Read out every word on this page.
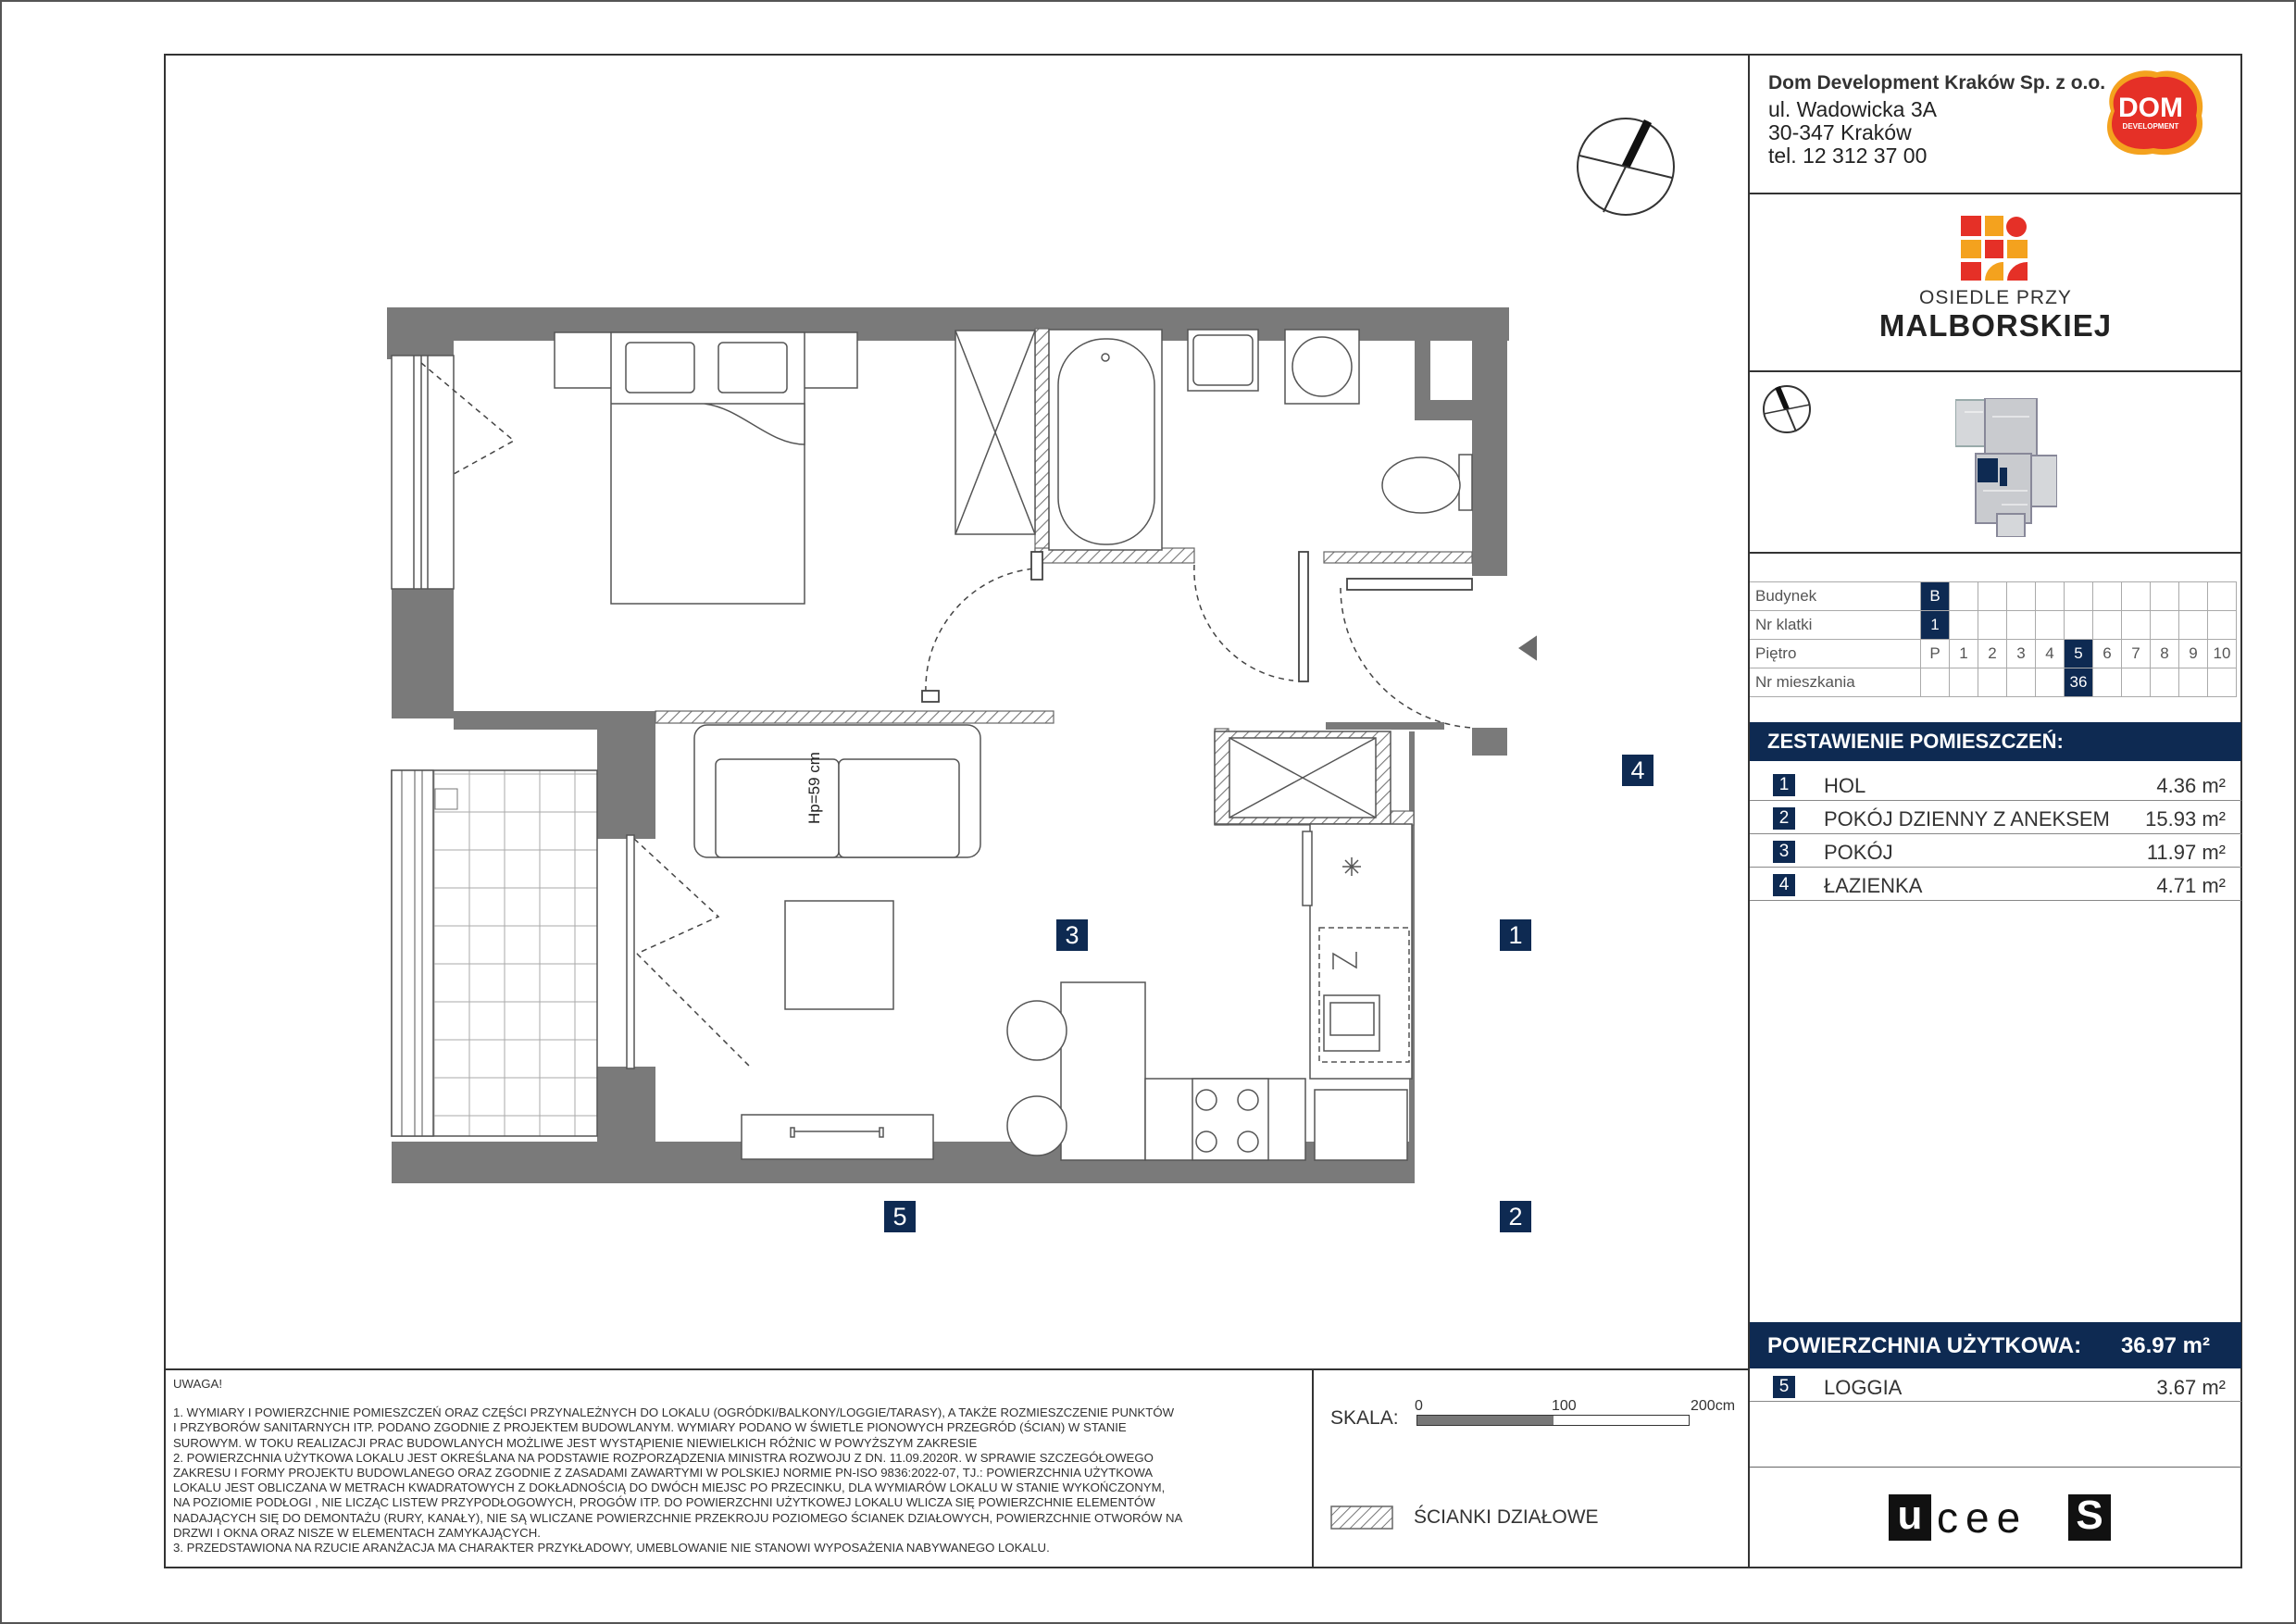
Dom Development Kraków Sp. z o.o.
ul. Wadowicka 3A
30-347 Kraków
tel. 12 312 37 00
DOM
DEVELOPMENT
OSIEDLE PRZY
MALBORSKIEJ
Budynek	B										
Nr klatki	1										
Piętro	P	1	2	3	4	5	6	7	8	9	10
Nr mieszkania						36					
ZESTAWIENIE POMIESZCZEŃ:
1	HOL	4.36 m²
2	POKÓJ DZIENNY Z ANEKSEM 15.93 m²
3	POKÓJ	11.97 m²
4	ŁAZIENKA	4.71 m²
POWIERZCHNIA UŻYTKOWA: 36.97 m²
5	LOGGIA	3.67 m²
u cee S
UWAGA!
1. WYMIARY I POWIERZCHNIE POMIESZCZEŃ ORAZ CZĘŚCI PRZYNALEŻNYCH DO LOKALU (OGRÓDKI/BALKONY/LOGGIE/TARASY), A TAKŻE ROZMIESZCZENIE PUNKTÓW
I PRZYBORÓW SANITARNYCH ITP. PODANO ZGODNIE Z PROJEKTEM BUDOWLANYM. WYMIARY PODANO W ŚWIETLE PIONOWYCH PRZEGRÓD (ŚCIAN) W STANIE
SUROWYM. W TOKU REALIZACJI PRAC BUDOWLANYCH MOŻLIWE JEST WYSTĄPIENIE NIEWIELKICH RÓŻNIC W POWYŻSZYM ZAKRESIE
2. POWIERZCHNIA UŻYTKOWA LOKALU JEST OKREŚLANA NA PODSTAWIE ROZPORZĄDZENIA MINISTRA ROZWOJU Z DN. 11.09.2020R. W SPRAWIE SZCZEGÓŁOWEGO
ZAKRESU I FORMY PROJEKTU BUDOWLANEGO ORAZ ZGODNIE Z ZASADAMI ZAWARTYMI W POLSKIEJ NORMIE PN-ISO 9836:2022-07, TJ.: POWIERZCHNIA UŻYTKOWA
LOKALU JEST OBLICZANA W METRACH KWADRATOWYCH Z DOKŁADNOŚCIĄ DO DWÓCH MIEJSC PO PRZECINKU, DLA WYMIARÓW LOKALU W STANIE WYKOŃCZONYM,
NA POZIOMIE PODŁOGI , NIE LICZĄC LISTEW PRZYPODŁOGOWYCH, PROGÓW ITP. DO POWIERZCHNI UŻYTKOWEJ LOKALU WLICZA SIĘ POWIERZCHNIE ELEMENTÓW
NADAJĄCYCH SIĘ DO DEMONTAŻU (RURY, KANAŁY), NIE SĄ WLICZANE POWIERZCHNIE PRZEKROJU POZIOMEGO ŚCIANEK DZIAŁOWYCH, POWIERZCHNIE OTWORÓW NA
DRZWI I OKNA ORAZ NISZE W ELEMENTACH ZAMYKAJĄCYCH.
3. PRZEDSTAWIONA NA RZUCIE ARANŻACJA MA CHARAKTER PRZYKŁADOWY, UMEBLOWANIE NIE STANOWI WYPOSAŻENIA NABYWANEGO LOKALU.
SKALA:
0	100	200cm
ŚCIANKI DZIAŁOWE
1
2
3
4
5
Hp=59 cm
